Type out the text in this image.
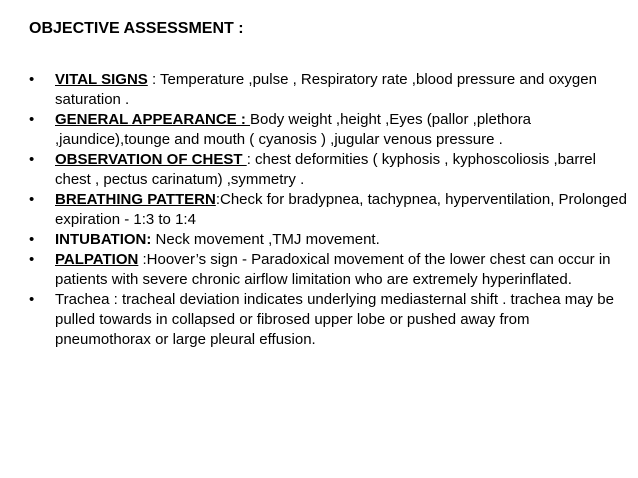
OBJECTIVE ASSESSMENT :
•	VITAL SIGNS : Temperature ,pulse , Respiratory rate ,blood pressure and oxygen saturation .
•	GENERAL APPEARANCE : Body weight ,height ,Eyes (pallor ,plethora ,jaundice),tounge and mouth ( cyanosis ) ,jugular venous pressure .
•	OBSERVATION OF CHEST : chest deformities ( kyphosis , kyphoscoliosis ,barrel chest , pectus carinatum) ,symmetry .
•	BREATHING PATTERN:Check for bradypnea, tachypnea, hyperventilation, Prolonged expiration - 1:3 to 1:4
•	INTUBATION: Neck movement ,TMJ movement.
•	PALPATION :Hoover’s sign - Paradoxical movement of the lower chest can occur in patients with severe chronic airflow limitation who are extremely hyperinflated.
•	Trachea : tracheal deviation indicates underlying mediasternal shift . trachea may be pulled towards in collapsed or fibrosed upper lobe or pushed away from pneumothorax or large pleural effusion.
